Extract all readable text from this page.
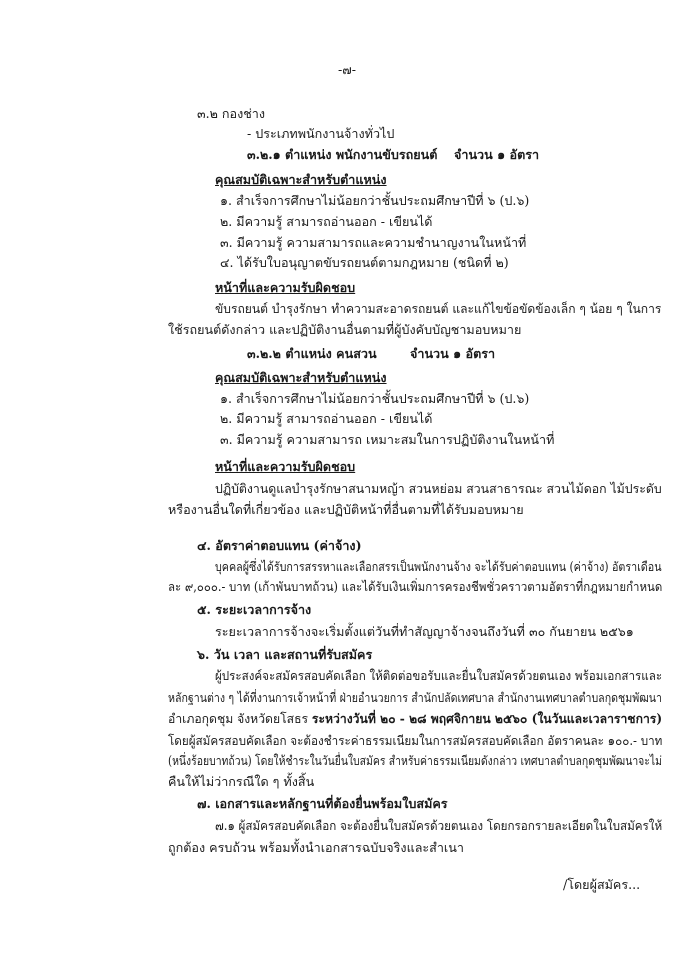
-๗-
๓.๒ กองช่าง
- ประเภทพนักงานจ้างทั่วไป
๓.๒.๑ ตำแหน่ง พนักงานขับรถยนต์ จำนวน ๑ อัตรา
คุณสมบัติเฉพาะสำหรับตำแหน่ง
๑. สำเร็จการศึกษาไม่น้อยกว่าชั้นประถมศึกษาปีที่ ๖ (ป.๖)
๒. มีความรู้ สามารถอ่านออก - เขียนได้
๓. มีความรู้ ความสามารถและความชำนาญงานในหน้าที่
๔. ได้รับใบอนุญาตขับรถยนต์ตามกฎหมาย (ชนิดที่ ๒)
หน้าที่และความรับผิดชอบ
ขับรถยนต์ บำรุงรักษา ทำความสะอาดรถยนต์ และแก้ไขข้อขัดข้องเล็ก ๆ น้อย ๆ ในการ
ใช้รถยนต์ดังกล่าว และปฏิบัติงานอื่นตามที่ผู้บังคับบัญชามอบหมาย
๓.๒.๒ ตำแหน่ง คนสวน	จำนวน ๑ อัตรา
คุณสมบัติเฉพาะสำหรับตำแหน่ง
๑. สำเร็จการศึกษาไม่น้อยกว่าชั้นประถมศึกษาปีที่ ๖ (ป.๖)
๒. มีความรู้ สามารถอ่านออก - เขียนได้
๓. มีความรู้ ความสามารถ เหมาะสมในการปฏิบัติงานในหน้าที่
หน้าที่และความรับผิดชอบ
ปฏิบัติงานดูแลบำรุงรักษาสนามหญ้า สวนหย่อม สวนสาธารณะ สวนไม้ดอก ไม้ประดับ
หรืองานอื่นใดที่เกี่ยวข้อง และปฏิบัติหน้าที่อื่นตามที่ได้รับมอบหมาย
๔. อัตราค่าตอบแทน (ค่าจ้าง)
บุคคลผู้ซึ่งได้รับการสรรหาและเลือกสรรเป็นพนักงานจ้าง จะได้รับค่าตอบแทน (ค่าจ้าง) อัตราเดือน
ละ ๙,๐๐๐.- บาท (เก้าพันบาทถ้วน) และได้รับเงินเพิ่มการครองชีพชั่วคราวตามอัตราที่กฎหมายกำหนด
๕. ระยะเวลาการจ้าง
ระยะเวลาการจ้างจะเริ่มตั้งแต่วันที่ทำสัญญาจ้างจนถึงวันที่ ๓๐ กันยายน ๒๕๖๑
๖. วัน เวลา และสถานที่รับสมัคร
ผู้ประสงค์จะสมัครสอบคัดเลือก ให้ติดต่อขอรับและยื่นใบสมัครด้วยตนเอง พร้อมเอกสารและ
หลักฐานต่าง ๆ ได้ที่งานการเจ้าหน้าที่ ฝ่ายอำนวยการ สำนักปลัดเทศบาล สำนักงานเทศบาลตำบลกุดชุมพัฒนา
อำเภอกุดชุม จังหวัดยโสธร ระหว่างวันที่ ๒๐ - ๒๘ พฤศจิกายน ๒๕๖๐ (ในวันและเวลาราชการ)
โดยผู้สมัครสอบคัดเลือก จะต้องชำระค่าธรรมเนียมในการสมัครสอบคัดเลือก อัตราคนละ ๑๐๐.- บาท
(หนึ่งร้อยบาทถ้วน) โดยให้ชำระในวันยื่นใบสมัคร สำหรับค่าธรรมเนียมดังกล่าว เทศบาลตำบลกุดชุมพัฒนาจะไม่
คืนให้ไม่ว่ากรณีใด ๆ ทั้งสิ้น
๗. เอกสารและหลักฐานที่ต้องยื่นพร้อมใบสมัคร
๗.๑ ผู้สมัครสอบคัดเลือก จะต้องยื่นใบสมัครด้วยตนเอง โดยกรอกรายละเอียดในใบสมัครให้
ถูกต้อง ครบถ้วน พร้อมทั้งนำเอกสารฉบับจริงและสำเนา
/โดยผู้สมัคร...
